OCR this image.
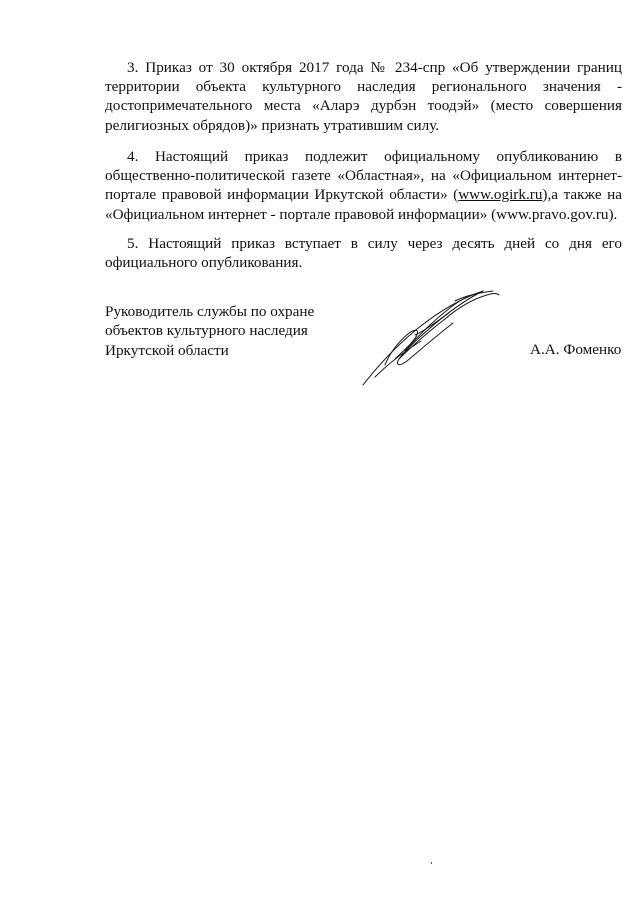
3. Приказ от 30 октября 2017 года № 234-спр «Об утверждении границ территории объекта культурного наследия регионального значения - достопримечательного места «Аларэ дурбэн тоодэй» (место совершения религиозных обрядов)» признать утратившим силу.

4. Настоящий приказ подлежит официальному опубликованию в общественно-политической газете «Областная», на «Официальном интернет-портале правовой информации Иркутской области» (www.ogirk.ru),а также на «Официальном интернет - портале правовой информации» (www.pravo.gov.ru).

5. Настоящий приказ вступает в силу через десять дней со дня его официального опубликования.

Руководитель службы по охране
объектов культурного наследия
Иркутской области	А.А. Фоменко
